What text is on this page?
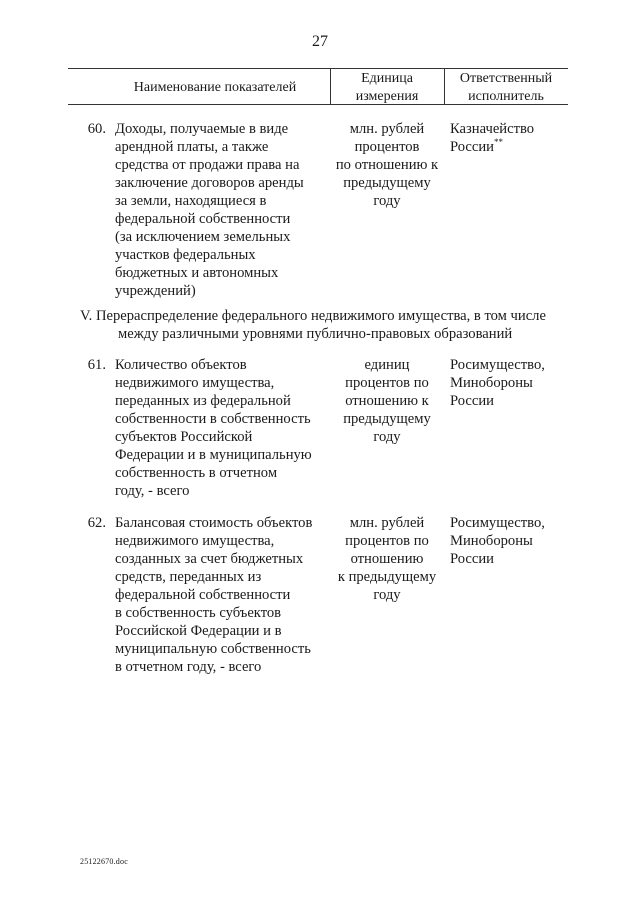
27
Наименование показателей
Единица
измерения
Ответственный
исполнитель
60. Доходы, получаемые в виде
арендной платы, а также
средства от продажи права на
заключение договоров аренды
за земли, находящиеся в
федеральной собственности
(за исключением земельных
участков федеральных
бюджетных и автономных
учреждений)
млн. рублей
процентов
по отношению к
предыдущему
году
Казначейство
России**
V. Перераспределение федерального недвижимого имущества, в том числе
между различными уровнями публично-правовых образований
61. Количество объектов
недвижимого имущества,
переданных из федеральной
собственности в собственность
субъектов Российской
Федерации и в муниципальную
собственность в отчетном
году, - всего
единиц
процентов по
отношению к
предыдущему
году
Росимущество,
Минобороны
России
62. Балансовая стоимость объектов
недвижимого имущества,
созданных за счет бюджетных
средств, переданных из
федеральной собственности
в собственность субъектов
Российской Федерации и в
муниципальную собственность
в отчетном году, - всего
млн. рублей
процентов по
отношению
к предыдущему
году
Росимущество,
Минобороны
России
25122670.doc
